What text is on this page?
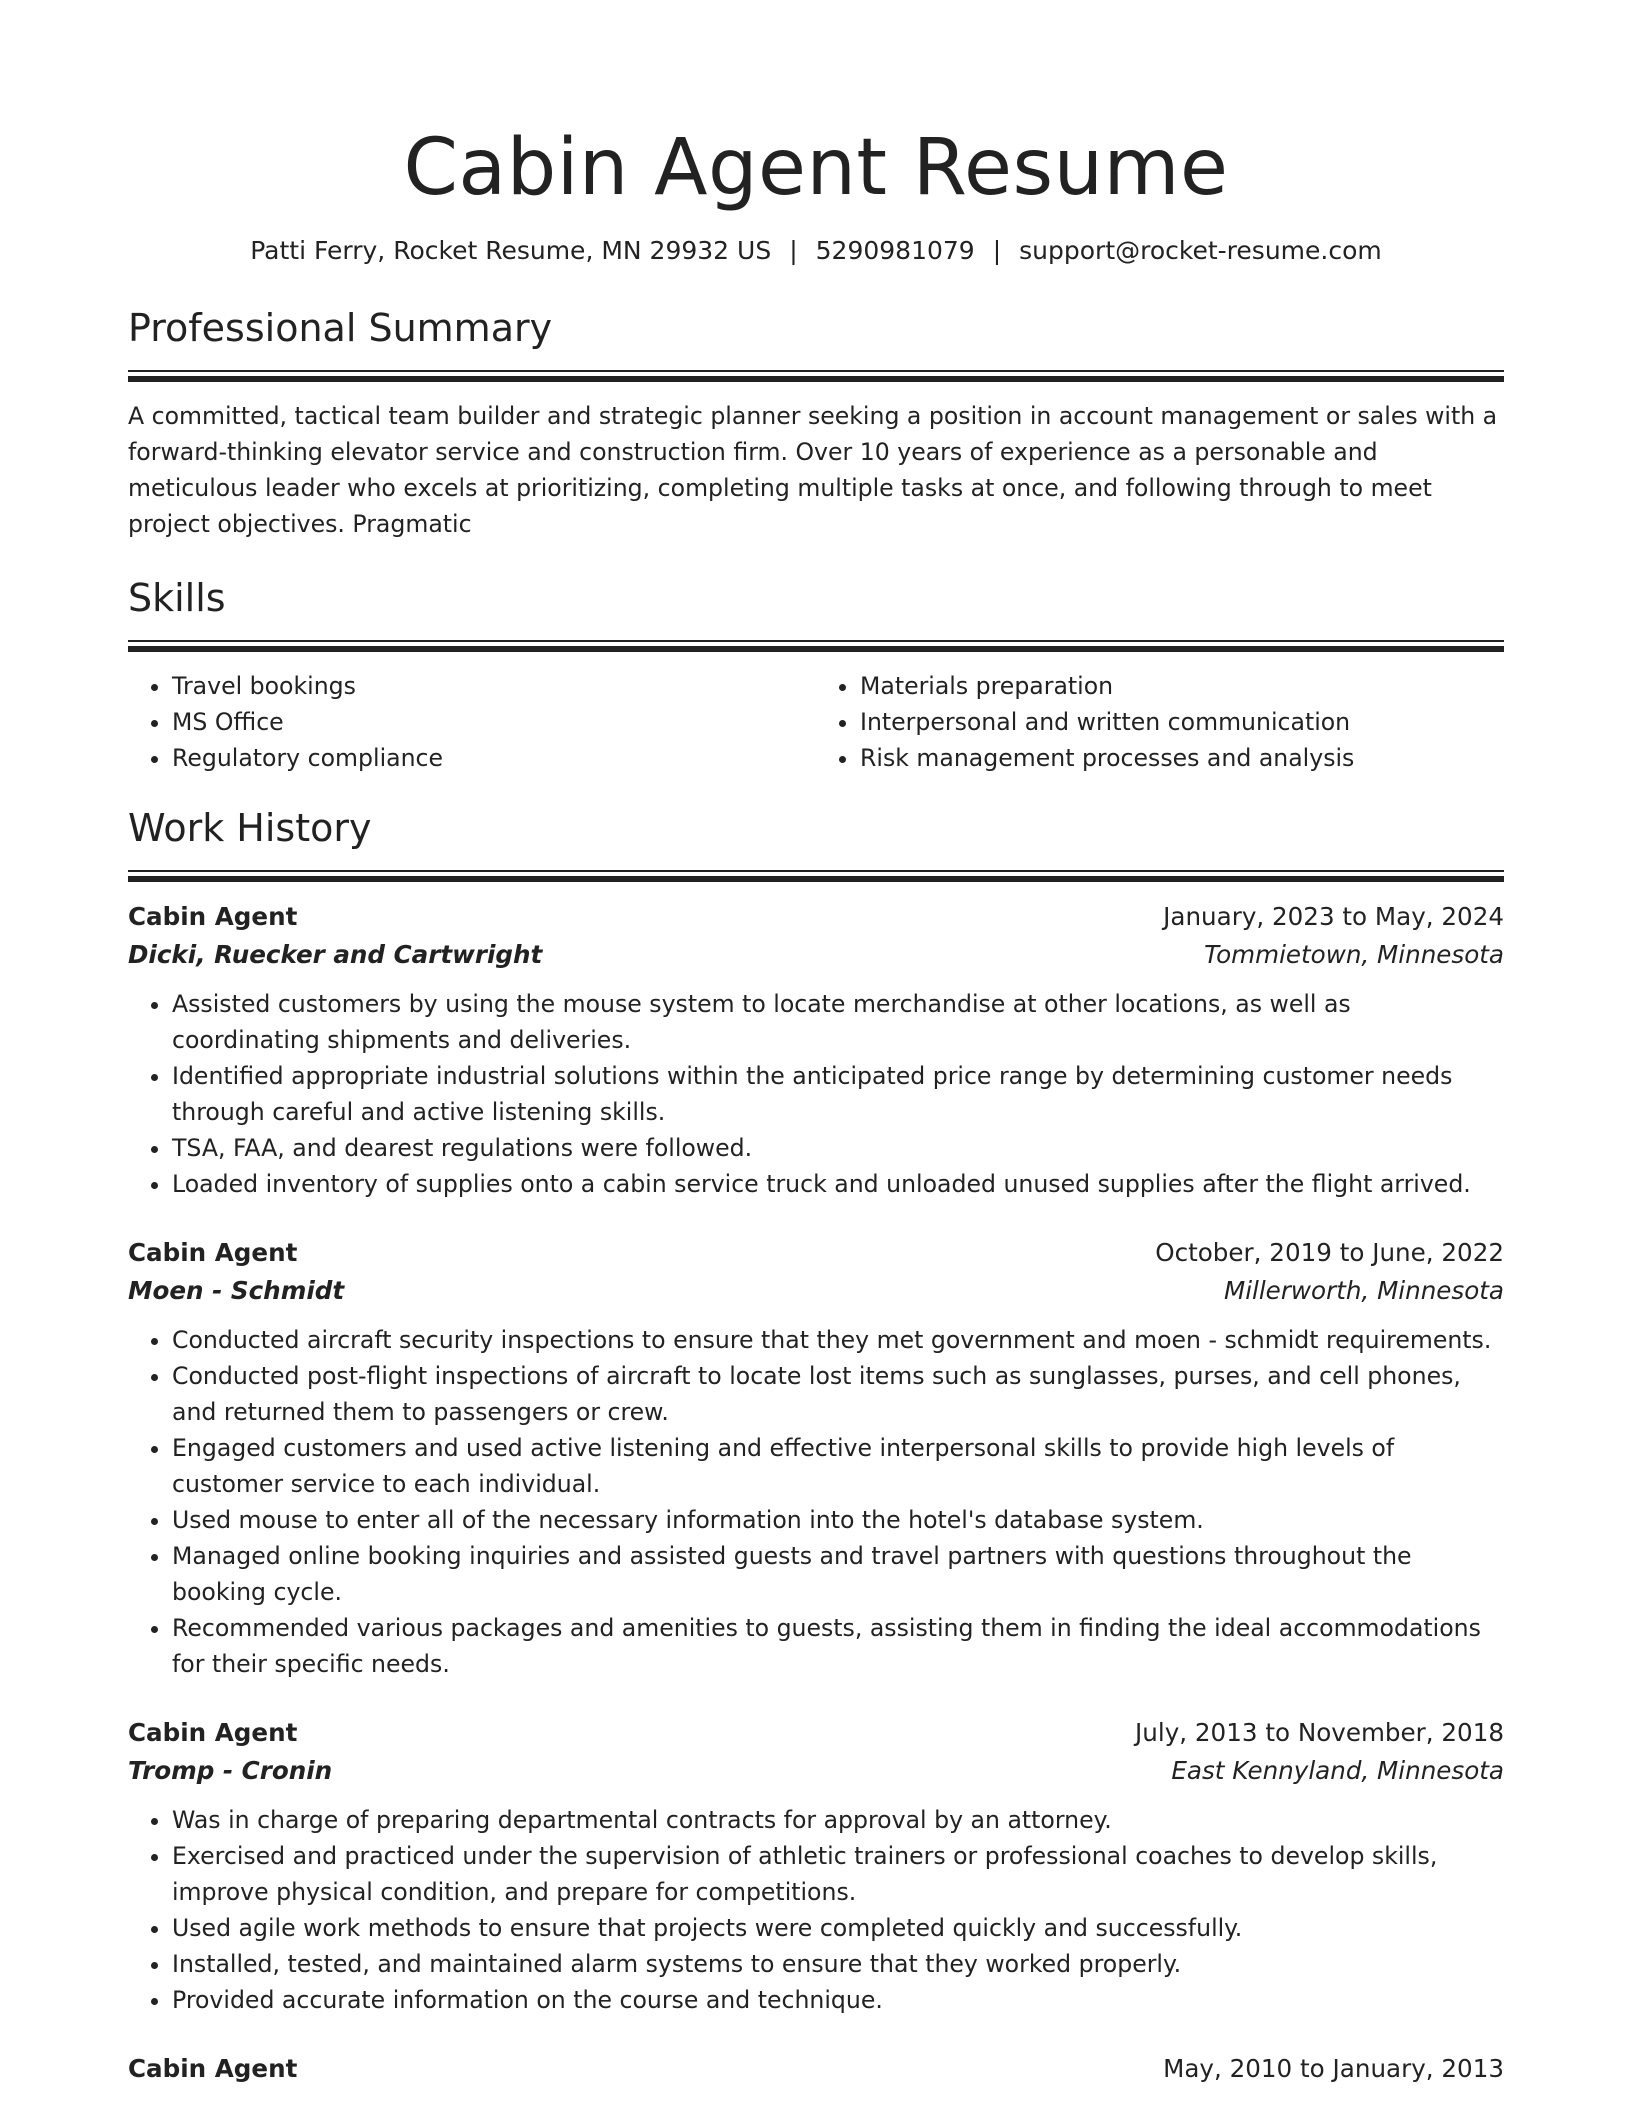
Cabin Agent Resume
Patti Ferry, Rocket Resume, MN 29932 US | 5290981079 | support@rocket-resume.com
Professional Summary
A committed, tactical team builder and strategic planner seeking a position in account management or sales with a forward-thinking elevator service and construction firm. Over 10 years of experience as a personable and meticulous leader who excels at prioritizing, completing multiple tasks at once, and following through to meet project objectives. Pragmatic
Skills
• Travel bookings
• MS Office
• Regulatory compliance
• Materials preparation
• Interpersonal and written communication
• Risk management processes and analysis
Work History
Cabin Agent	January, 2023 to May, 2024
Dicki, Ruecker and Cartwright	Tommietown, Minnesota
• Assisted customers by using the mouse system to locate merchandise at other locations, as well as coordinating shipments and deliveries.
• Identified appropriate industrial solutions within the anticipated price range by determining customer needs through careful and active listening skills.
• TSA, FAA, and dearest regulations were followed.
• Loaded inventory of supplies onto a cabin service truck and unloaded unused supplies after the flight arrived.
Cabin Agent	October, 2019 to June, 2022
Moen - Schmidt	Millerworth, Minnesota
• Conducted aircraft security inspections to ensure that they met government and moen - schmidt requirements.
• Conducted post-flight inspections of aircraft to locate lost items such as sunglasses, purses, and cell phones, and returned them to passengers or crew.
• Engaged customers and used active listening and effective interpersonal skills to provide high levels of customer service to each individual.
• Used mouse to enter all of the necessary information into the hotel's database system.
• Managed online booking inquiries and assisted guests and travel partners with questions throughout the booking cycle.
• Recommended various packages and amenities to guests, assisting them in finding the ideal accommodations for their specific needs.
Cabin Agent	July, 2013 to November, 2018
Tromp - Cronin	East Kennyland, Minnesota
• Was in charge of preparing departmental contracts for approval by an attorney.
• Exercised and practiced under the supervision of athletic trainers or professional coaches to develop skills, improve physical condition, and prepare for competitions.
• Used agile work methods to ensure that projects were completed quickly and successfully.
• Installed, tested, and maintained alarm systems to ensure that they worked properly.
• Provided accurate information on the course and technique.
Cabin Agent	May, 2010 to January, 2013
